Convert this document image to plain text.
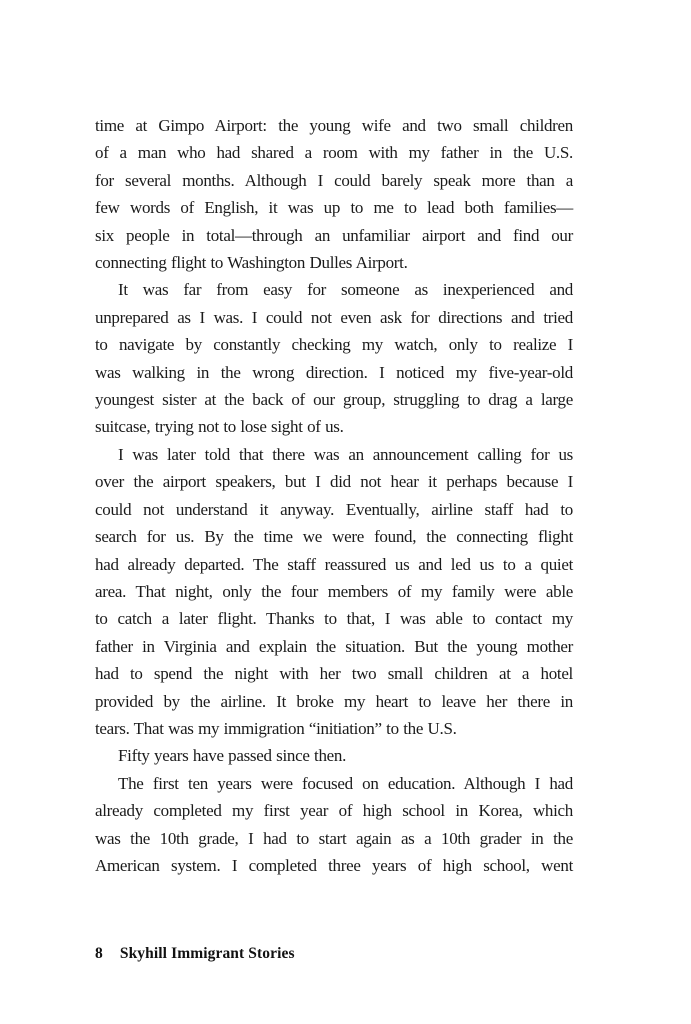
time at Gimpo Airport: the young wife and two small children
of a man who had shared a room with my father in the U.S.
for several months. Although I could barely speak more than a
few words of English, it was up to me to lead both families—
six people in total—through an unfamiliar airport and find our
connecting flight to Washington Dulles Airport.
It was far from easy for someone as inexperienced and
unprepared as I was. I could not even ask for directions and tried
to navigate by constantly checking my watch, only to realize I
was walking in the wrong direction. I noticed my five-year-old
youngest sister at the back of our group, struggling to drag a large
suitcase, trying not to lose sight of us.
I was later told that there was an announcement calling for us
over the airport speakers, but I did not hear it perhaps because I
could not understand it anyway. Eventually, airline staff had to
search for us. By the time we were found, the connecting flight
had already departed. The staff reassured us and led us to a quiet
area. That night, only the four members of my family were able
to catch a later flight. Thanks to that, I was able to contact my
father in Virginia and explain the situation. But the young mother
had to spend the night with her two small children at a hotel
provided by the airline. It broke my heart to leave her there in
tears. That was my immigration “initiation” to the U.S.
Fifty years have passed since then.
The first ten years were focused on education. Although I had
already completed my first year of high school in Korea, which
was the 10th grade, I had to start again as a 10th grader in the
American system. I completed three years of high school, went
8 Skyhill Immigrant Stories
